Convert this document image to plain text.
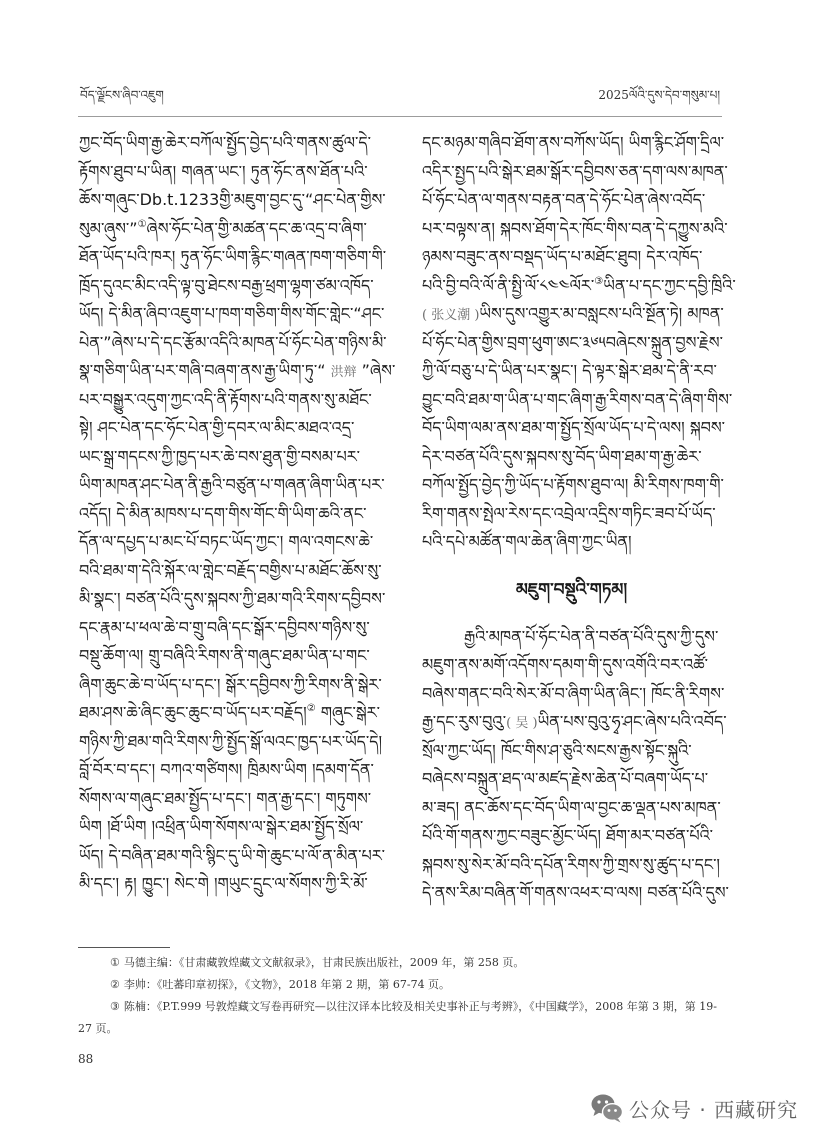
བོད་ལྗོངས་ཞིབ་འཇུག	2025ལོའི་དུས་དེབ་གསུམ་པ།
ཀྱང་བོད་ཡིག་རྒྱ་ཆེར་བཀོལ་སྤྱོད་བྱེད་པའི་གནས་ཚུལ་དེ་
རྟོགས་ཐུབ་པ་ཡིན། གཞན་ཡང་། ཏུན་ཧོང་ནས་ཐོན་པའི་
ཆོས་གཞུང་Db.t.1233གྱི་མཇུག་བྱང་དུ་“ཤང་པེན་གྱིས་
སུམ་ཞུས་”①ཞེས་ཧོང་པེན་གྱི་མཚན་དང་ཆ་འདྲ་བ་ཞིག་
ཐོན་ཡོད་པའི་ཁར། ཏུན་ཧོང་ཡིག་རྙིང་གཞན་ཁག་གཅིག་གི་
ཁྲོད་དུའང་མིང་འདི་ལྟ་བུ་ཐེངས་བརྒྱ་ཕྲག་ལྷག་ཙམ་འཁོད་
ཡོད། དེ་མིན་ཞིབ་འཇུག་པ་ཁག་གཅིག་གིས་གོང་གླེང་“ཤང་
པེན་”ཞེས་པ་དེ་དང་རྩོམ་འདིའི་མཁན་པོ་ཧོང་པེན་གཉིས་མི་
སྣ་གཅིག་ཡིན་པར་གཞི་བཞག་ནས་རྒྱ་ཡིག་ཏུ་“ 洪辩 ”ཞེས་
པར་བསྒྱུར་འདུག་ཀྱང་འདི་ནི་རྟོགས་པའི་གནས་སུ་མཐོང་
སྟེ། ཤང་པེན་དང་ཧོང་པེན་གྱི་དབར་ལ་མིང་མཐའ་འདྲ་
ཡང་སྒྲ་གདངས་ཀྱི་ཁྱད་པར་ཆེ་བས་ཐུན་གྱི་བསམ་པར་
ཡིག་མཁན་ཤང་པེན་ནི་རྒྱའི་བཙུན་པ་གཞན་ཞིག་ཡིན་པར་
འདོད། དེ་མིན་མཁས་པ་དག་གིས་གོང་གི་ཡིག་ཆའི་ནང་
དོན་ལ་དཔྱད་པ་མང་པོ་བཏང་ཡོད་ཀྱང་། གལ་འགངས་ཆེ་
བའི་ཐམ་ག་དེའི་སྐོར་ལ་གླེང་བརྗོད་བགྱིས་པ་མཐོང་ཆོས་སུ་
མི་སྣང་། བཙན་པོའི་དུས་སྐབས་ཀྱི་ཐམ་གའི་རིགས་དབྱིབས་
དང་རྣམ་པ་ཕལ་ཆེ་བ་གྲུ་བཞི་དང་སྒོར་དབྱིབས་གཉིས་སུ་
བསྡུ་ཆོག་ལ། གྲུ་བཞིའི་རིགས་ནི་གཞུང་ཐམ་ཡིན་པ་གང་
ཞིག་ཆུང་ཆེ་བ་ཡོད་པ་དང་། སྒོར་དབྱིབས་ཀྱི་རིགས་ནི་སྒེར་
ཐམ་ཤས་ཆེ་ཞིང་ཆུང་ཆུང་བ་ཡོད་པར་བརྗོད།② གཞུང་སྒེར་
གཉིས་ཀྱི་ཐམ་གའི་རིགས་ཀྱི་སྤྱོད་སྒོ་ལའང་ཁྱད་པར་ཡོད་དེ།
བློ་བོར་བ་དང་། བཀའ་གཙིགས། ཁྲིམས་ཡིག །དམག་དོན་
སོགས་ལ་གཞུང་ཐམ་སྤྱོད་པ་དང་། གན་རྒྱ་དང་། གཏུགས་
ཡིག །ཐོ་ཡིག །འཕྲིན་ཡིག་སོགས་ལ་སྒེར་ཐམ་སྤྱོད་སྲོལ་
ཡོད། དེ་བཞིན་ཐམ་གའི་སྙིང་དུ་ཡི་གེ་ཆུང་པ་ལོ་ན་མིན་པར་
མི་དང་། རྟ། ཁྱུང་། སེང་གེ །གཡུང་དྲུང་ལ་སོགས་ཀྱི་རི་མོ་
དང་མཉམ་གཞིབ་ཐོག་ནས་བཀོས་ཡོད། ཡིག་རྙིང་ཤོག་དྲིལ་
འདིར་སྤྱད་པའི་སྒེར་ཐམ་སྒོར་དབྱིབས་ཅན་དག་ལས་མཁན་
པོ་ཧོང་པེན་ལ་གནས་བརྟན་བན་དེ་ཧོང་པེན་ཞེས་འབོད་
པར་བལྟས་ན། སྐབས་ཐོག་དེར་ཁོང་གིས་བན་དེ་དཀྱུས་མའི་
ཉམས་བཟུང་ནས་བསྡད་ཡོད་པ་མཐོང་ཐུབ། དེར་འཁོད་
པའི་བྱི་བའི་ལོ་ནི་སྤྱི་ལོ་༨༤༤ལོར་③ཡིན་པ་དང་ཀྱང་དབྱི་ཁྲིའི་
( 张义潮 )ཡིས་དུས་འགྱུར་མ་བསླངས་པའི་སྔོན་ཏེ། མཁན་
པོ་ཧོང་པེན་གྱིས་བྲག་ཕུག་ཨང་༣༦༥བཞེངས་སྐྲུན་བྱས་རྗེས་
ཀྱི་ལོ་བཅུ་པ་དེ་ཡིན་པར་སྣང་། དེ་ལྟར་སྒེར་ཐམ་དེ་ནི་རབ་
བྱུང་བའི་ཐམ་ག་ཡིན་པ་གང་ཞིག་རྒྱ་རིགས་བན་དེ་ཞིག་གིས་
བོད་ཡིག་ལམ་ནས་ཐམ་ག་སྤྱོད་སྲོལ་ཡོད་པ་དེ་ལས། སྐབས་
དེར་བཙན་པོའི་དུས་སྐབས་སུ་བོད་ཡིག་ཐམ་ག་རྒྱ་ཆེར་
བཀོལ་སྤྱོད་བྱེད་ཀྱི་ཡོད་པ་རྟོགས་ཐུབ་ལ། མི་རིགས་ཁག་གི་
རིག་གནས་སྤེལ་རེས་དང་འབྲེལ་འདྲིས་གཏིང་ཟབ་པོ་ཡོད་
པའི་དཔེ་མཚོན་གལ་ཆེན་ཞིག་ཀྱང་ཡིན།
མཇུག་བསྡུའི་གཏམ།
རྒྱའི་མཁན་པོ་ཧོང་པེན་ནི་བཙན་པོའི་དུས་ཀྱི་དུས་
མཇུག་ནས་མགོ་འདོགས་དམག་གི་དུས་འགོའི་བར་འཚོ་
བཞེས་གནང་བའི་སེར་མོ་བ་ཞིག་ཡིན་ཞིང་། ཁོང་ནི་རིགས་
རྒྱ་དང་རུས་བུའུ་( 吴 )ཡིན་པས་བུའུ་ཧྭ་ཤང་ཞེས་པའི་འབོད་
སྲོལ་ཀྱང་ཡོད། ཁོང་གིས་ཤ་ཅུའི་སངས་རྒྱས་སྟོང་སྐུའི་
བཞེངས་བསྐྲུན་ཐད་ལ་མཛད་རྗེས་ཆེན་པོ་བཞག་ཡོད་པ་
མ་ཟད། ནང་ཆོས་དང་བོད་ཡིག་ལ་བྱང་ཆ་ལྡན་པས་མཁན་
པོའི་གོ་གནས་ཀྱང་བཟུང་མྱོང་ཡོད། ཐོག་མར་བཙན་པོའི་
སྐབས་སུ་སེར་མོ་བའི་དཔོན་རིགས་ཀྱི་གྲས་སུ་ཚུད་པ་དང་།
དེ་ནས་རིམ་བཞིན་གོ་གནས་འཕར་བ་ལས། བཙན་པོའི་དུས་
① 马德主编：《甘肃藏敦煌藏文文献叙录》，甘肃民族出版社，2009 年，第 258 页。
② 李帅：《吐蕃印章初探》，《文物》，2018 年第 2 期，第 67-74 页。
③ 陈楠：《P.T.999 号敦煌藏文写卷再研究—以往汉译本比较及相关史事补正与考辨》，《中国藏学》，2008 年第 3 期，第 19-27 页。
88
公众号 · 西藏研究
